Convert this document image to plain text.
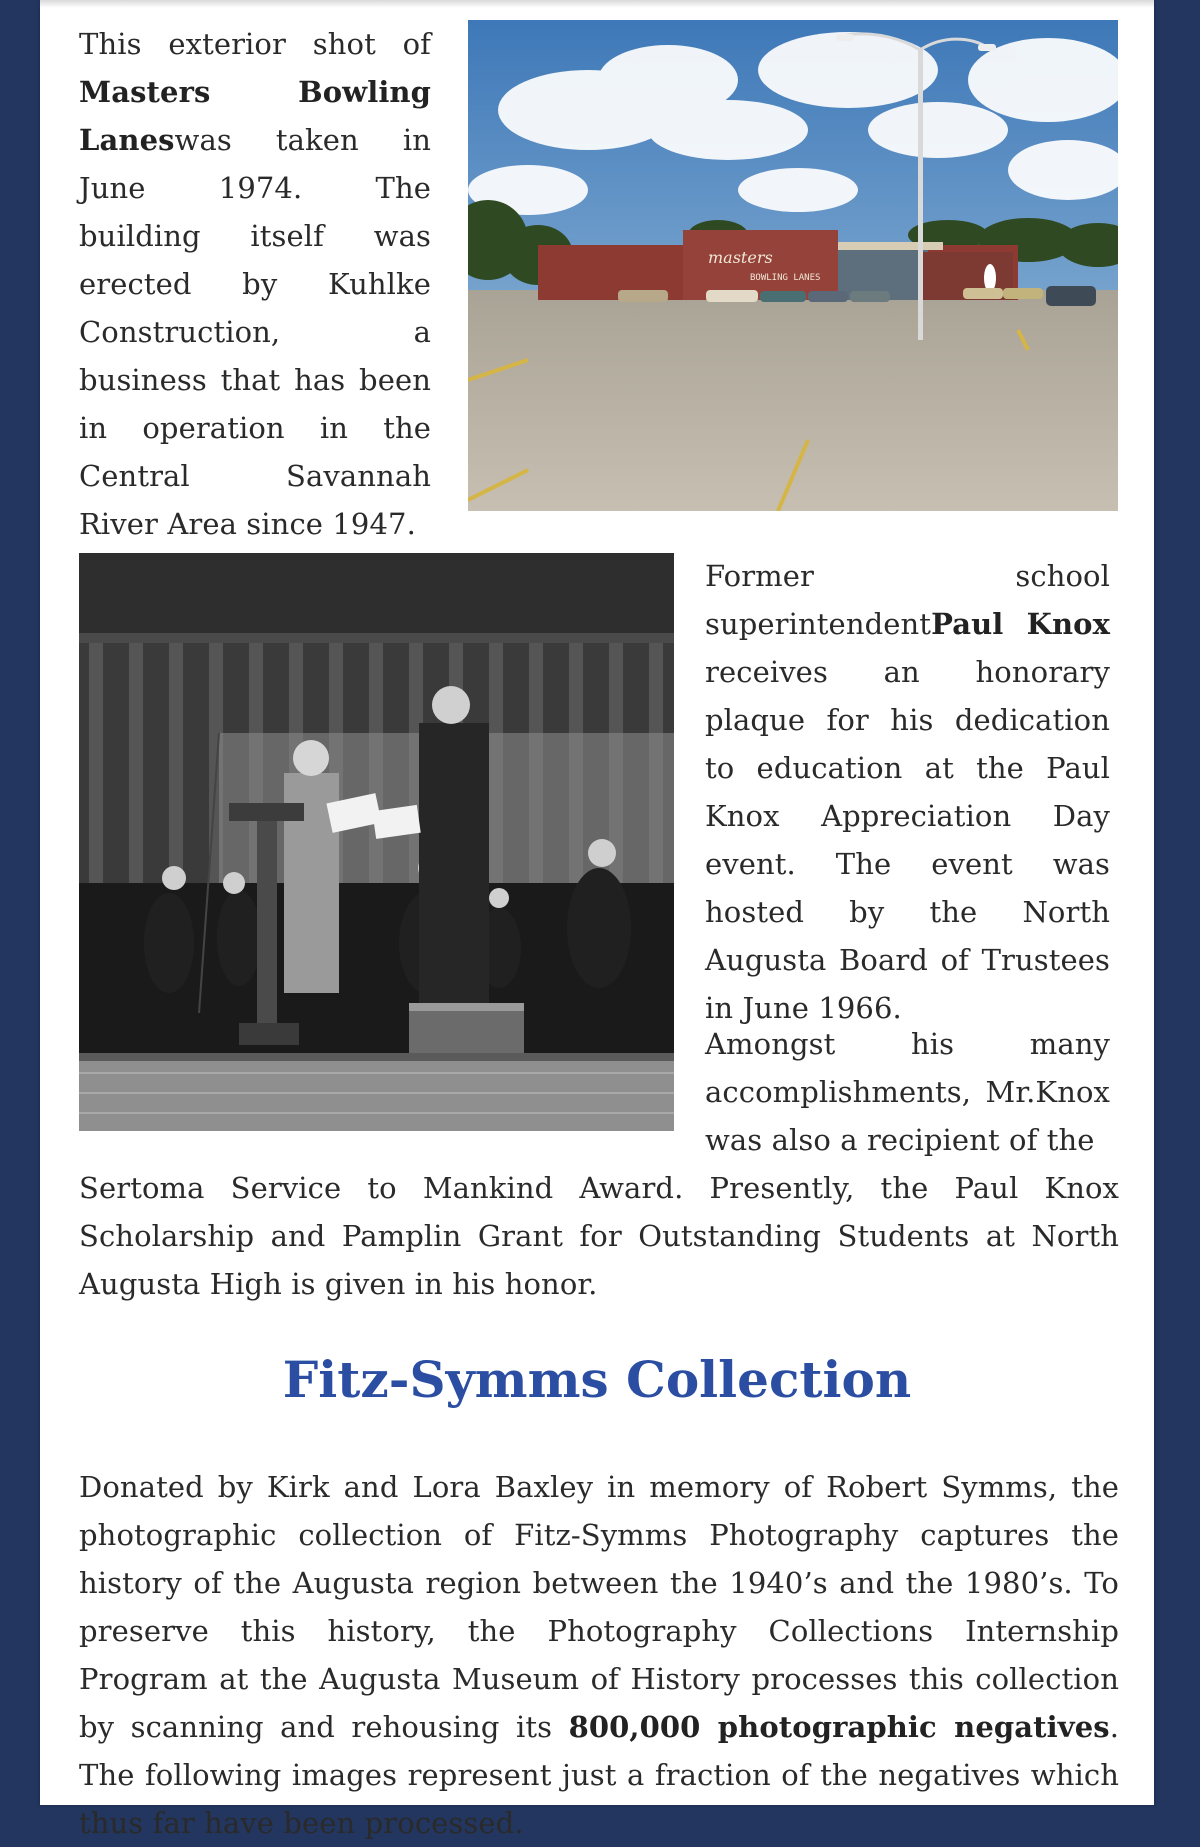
This exterior shot of Masters Bowling Laneswas taken in June 1974. The building itself was erected by Kuhlke Construction, a business that has been in operation in the Central Savannah River Area since 1947.

masters
BOWLING LANES

Former school superintendentPaul Knox receives an honorary plaque for his dedication to education at the Paul Knox Appreciation Day event. The event was hosted by the North Augusta Board of Trustees in June 1966.

Amongst his many accomplishments, Mr.Knox was also a recipient of the

Sertoma Service to Mankind Award. Presently, the Paul Knox Scholarship and Pamplin Grant for Outstanding Students at North Augusta High is given in his honor.

Fitz-Symms Collection

Donated by Kirk and Lora Baxley in memory of Robert Symms, the photographic collection of Fitz-Symms Photography captures the history of the Augusta region between the 1940’s and the 1980’s. To preserve this history, the Photography Collections Internship Program at the Augusta Museum of History processes this collection by scanning and rehousing its 800,000 photographic negatives. The following images represent just a fraction of the negatives which thus far have been processed.
